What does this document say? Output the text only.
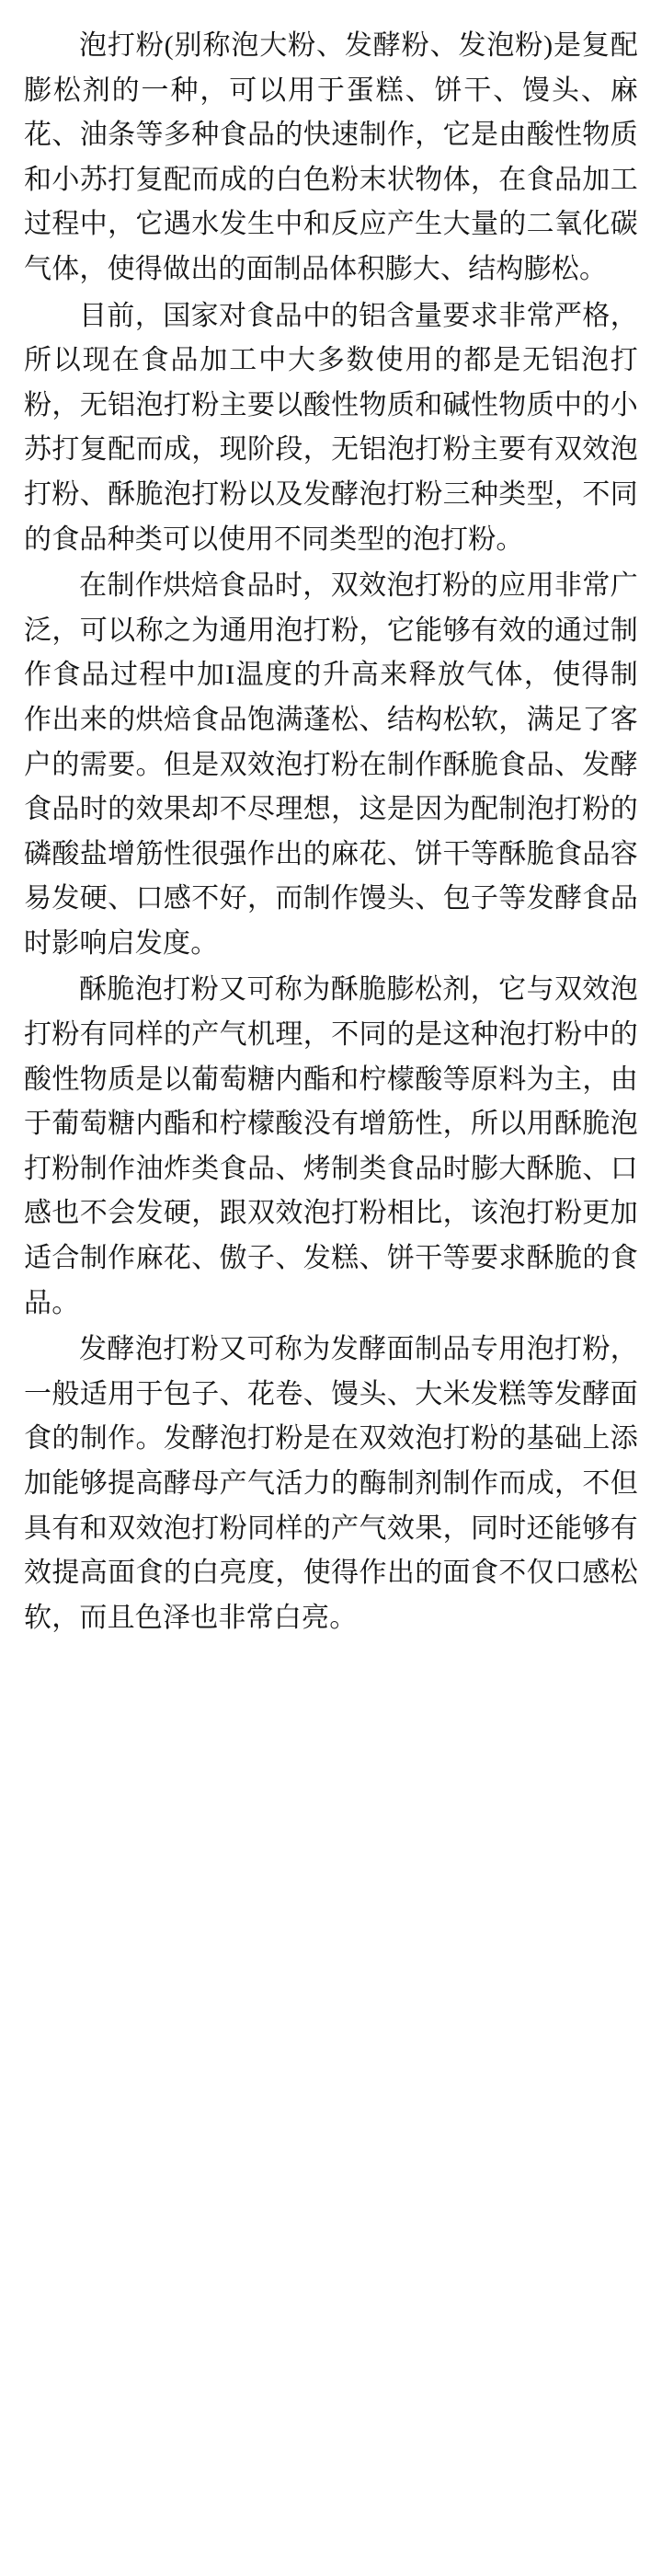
泡打粉(别称泡大粉、发酵粉、发泡粉)是复配膨松剂的一种，可以用于蛋糕、饼干、馒头、麻花、油条等多种食品的快速制作，它是由酸性物质和小苏打复配而成的白色粉末状物体，在食品加工过程中，它遇水发生中和反应产生大量的二氧化碳气体，使得做出的面制品体积膨大、结构膨松。

目前，国家对食品中的铝含量要求非常严格，所以现在食品加工中大多数使用的都是无铝泡打粉，无铝泡打粉主要以酸性物质和碱性物质中的小苏打复配而成，现阶段，无铝泡打粉主要有双效泡打粉、酥脆泡打粉以及发酵泡打粉三种类型，不同的食品种类可以使用不同类型的泡打粉。

在制作烘焙食品时，双效泡打粉的应用非常广泛，可以称之为通用泡打粉，它能够有效的通过制作食品过程中加I温度的升高来释放气体，使得制作出来的烘焙食品饱满蓬松、结构松软，满足了客户的需要。但是双效泡打粉在制作酥脆食品、发酵食品时的效果却不尽理想，这是因为配制泡打粉的磷酸盐增筋性很强作出的麻花、饼干等酥脆食品容易发硬、口感不好，而制作馒头、包子等发酵食品时影响启发度。

酥脆泡打粉又可称为酥脆膨松剂，它与双效泡打粉有同样的产气机理，不同的是这种泡打粉中的酸性物质是以葡萄糖内酯和柠檬酸等原料为主，由于葡萄糖内酯和柠檬酸没有增筋性，所以用酥脆泡打粉制作油炸类食品、烤制类食品时膨大酥脆、口感也不会发硬，跟双效泡打粉相比，该泡打粉更加适合制作麻花、傲子、发糕、饼干等要求酥脆的食品。

发酵泡打粉又可称为发酵面制品专用泡打粉，一般适用于包子、花卷、馒头、大米发糕等发酵面食的制作。发酵泡打粉是在双效泡打粉的基础上添加能够提高酵母产气活力的酶制剂制作而成，不但具有和双效泡打粉同样的产气效果，同时还能够有效提高面食的白亮度，使得作出的面食不仅口感松软，而且色泽也非常白亮。
